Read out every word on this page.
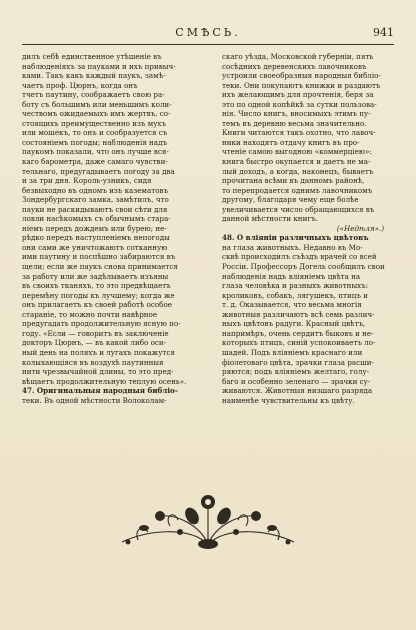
СМѢСЬ.	941
дилъ себѣ единственное утѣшеніе въ
наблюденіяхъ за пауками и ихъ привыч-
ками. Такъ какъ каждый паукъ, замѣ-
чаетъ проф. Цюрнъ, когда онъ
тчетъ паутину, соображаетъ свою ра-
боту съ большимъ или меньшимъ коли-
чествомъ ожидаемыхъ имъ жертвъ, со-
стоящихъ преимущественно изъ мухъ
или мошекъ, то онъ и сообразуется съ
состояніемъ погоды; наблюденія надъ
паукомъ показали, что онъ лучше вся-
каго барометра, даже самаго чувстви-
тельнаго, предугадываетъ погоду за два
и за три дня. Король-узникъ, сидя
безвыходно въ одномъ изъ казематовъ
Зондербургскаго замка, замѣтилъ, что
пауки не раскидываютъ свои сѣти для
ловли насѣкомыхъ съ обычнымъ стара-
ніемъ передъ дождемъ или бурею; не-
рѣдко передъ наступленіемъ непогоды
они сами же уничтожаютъ сотканную
ими паутину и поспѣшно забираются въ
щели; если же паукъ снова принимается
за работу или же задѣлываетъ изъяны
въ своихъ тканяхъ, то это предвѣщаетъ
перемѣну погоды къ лучшему; когда же
онъ прилагаетъ къ своей работѣ особое
стараніе, то можно почти навѣрное
предугадать продолжительную ясную по-
году. «Если — говоритъ въ заключеніе
докторъ Цюрнъ, — въ какой либо оси-
ный день на поляхъ и лугахъ покажутся
колыхающіяся въ воздухѣ паутинныя
нити чрезвычайной длины, то это пред-
вѣщаетъ продолжительную теплую осень».
47. Оригинальныя народныя библіо-
теки. Въ одной мѣстности Волоколам-
скаго уѣзда, Московской губерніи, пять
сосѣднихъ деревенскихъ лавочниковъ
устроили своеобразныя народныя библіо-
теки. Они покупаютъ книжки и раздаютъ
ихъ желающимъ для прочтенія, беря за
это по одной копѣйкѣ за сутки пользова-
нія. Число книгъ, вносимыхъ этимъ пу-
темъ въ деревню весьма значительно.
Книги читаются такъ охотно, что лавоч-
ники находятъ отдачу книгъ въ про-
чтеніе самою выгодною «коммерціею»:
книга быстро окупается и даетъ не ма-
лый доходъ, а когда, наконецъ, бываетъ
прочитана всѣми въ данномъ районѣ,
то перепродается однимъ лавочникомъ
другому, благодаря чему еще болѣе
увеличивается число обращающихся въ
данной мѣстности книгъ.
(«Недѣля».)
48. О вліяніи различныхъ цвѣтовъ
на глаза животныхъ. Недавно въ Мо-
сквѣ происходилъ съѣздъ врачей со всей
Россіи. Профессоръ Догель сообщилъ свои
наблюденія надъ вліяніемъ цвѣта на
глаза человѣка и разныхъ животныхъ:
кроликовъ, собакъ, лягушекъ, птицъ и
т. д. Оказывается, что весьма многія
животныя различаютъ всѣ семь различ-
ныхъ цвѣтовъ радуги. Красный цвѣтъ,
напримѣръ, очень сердитъ быковъ и не-
которыхъ птицъ, синій успокоиваетъ ло-
шадей. Подъ вліяніемъ краснаго или
фіолетоваго цвѣта, зрачки глаза расши-
ряются; подъ вліяніемъ желтаго, голу-
баго и особенно зеленаго — зрачки су-
живаются. Животныя низшаго разряда
наименѣе чувствительны къ цвѣту.
